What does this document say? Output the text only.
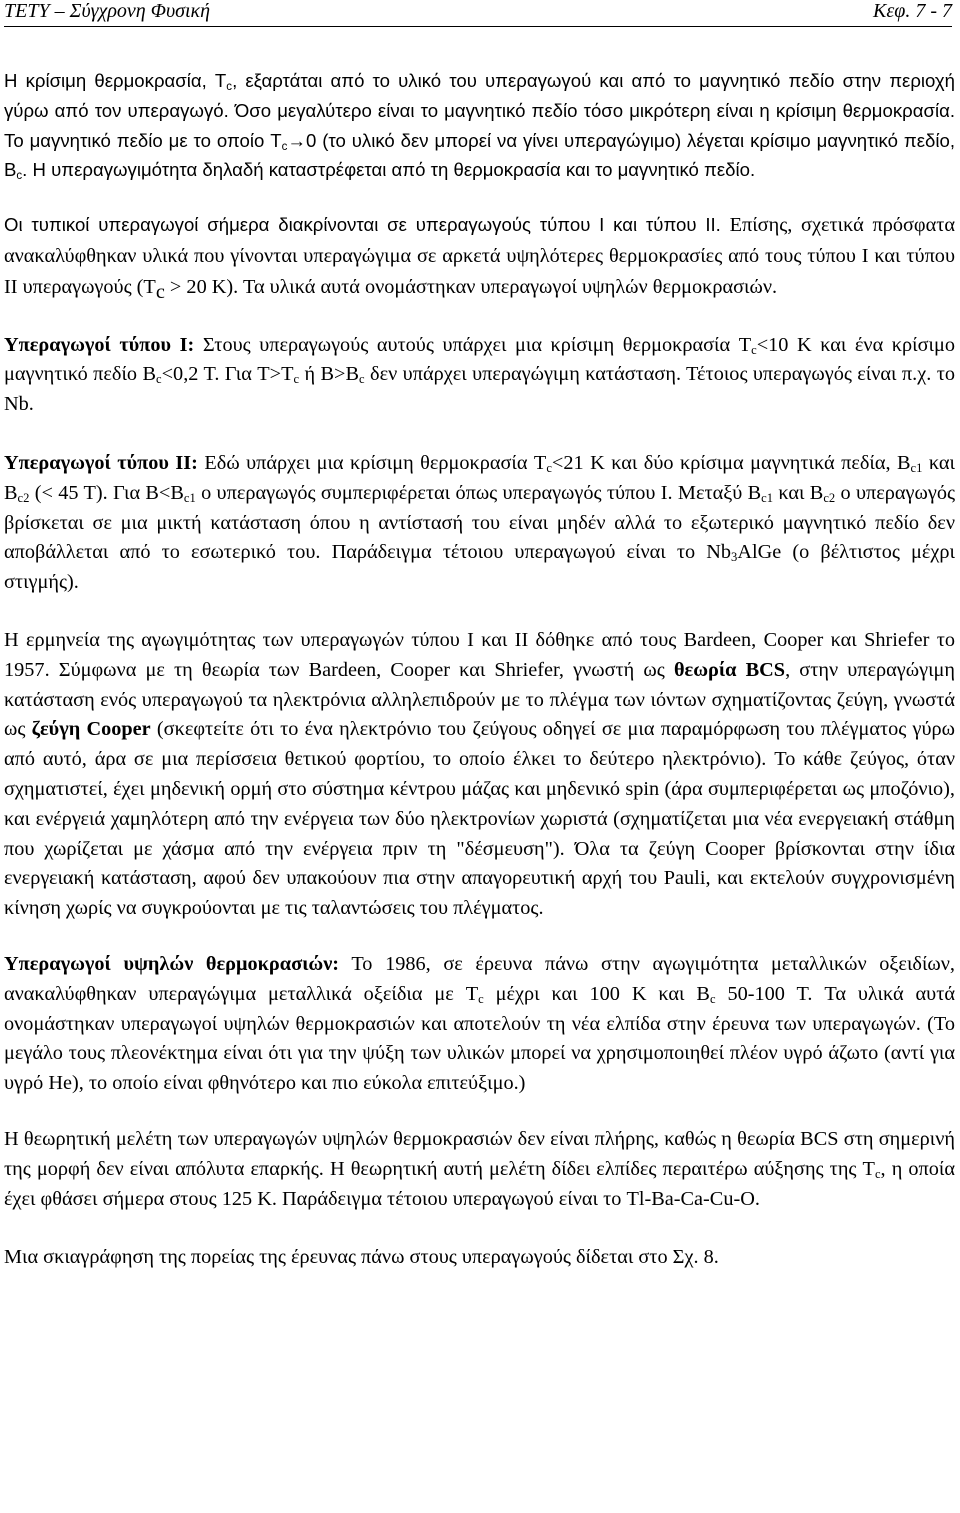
ΤΕΤΥ – Σύγχρονη Φυσική	Κεφ. 7 - 7

Η κρίσιμη θερμοκρασία, $T_c$, εξαρτάται από το υλικό του υπεραγωγού και από το μαγνητικό πεδίο στην περιοχή γύρω από τον υπεραγωγό. Όσο μεγαλύτερο είναι το μαγνητικό πεδίο τόσο μικρότερη είναι η κρίσιμη θερμοκρασία. Το μαγνητικό πεδίο με το οποίο $T_c\to 0$ (το υλικό δεν μπορεί να γίνει υπεραγώγιμο) λέγεται κρίσιμο μαγνητικό πεδίο, $B_c$. Η υπεραγωγιμότητα δηλαδή καταστρέφεται από τη θερμοκρασία και το μαγνητικό πεδίο.

Οι τυπικοί υπεραγωγοί σήμερα διακρίνονται σε υπεραγωγούς τύπου Ι και τύπου ΙΙ. Επίσης, σχετικά πρόσφατα ανακαλύφθηκαν υλικά που γίνονται υπεραγώγιμα σε αρκετά υψηλότερες θερμοκρασίες από τους τύπου Ι και τύπου ΙΙ υπεραγωγούς ($T_c > 20$ K). Τα υλικά αυτά ονομάστηκαν υπεραγωγοί υψηλών θερμοκρασιών.

Υπεραγωγοί τύπου Ι: Στους υπεραγωγούς αυτούς υπάρχει μια κρίσιμη θερμοκρασία $T_c<10$ K και ένα κρίσιμο μαγνητικό πεδίο $B_c<0,2$ T. Για $T>T_c$ ή $B>B_c$ δεν υπάρχει υπεραγώγιμη κατάσταση. Τέτοιος υπεραγωγός είναι π.χ. το Nb.

Υπεραγωγοί τύπου ΙΙ: Εδώ υπάρχει μια κρίσιμη θερμοκρασία $T_c<21$ K και δύο κρίσιμα μαγνητικά πεδία, $B_{c1}$ και $B_{c2}$ (< 45 T). Για $B<B_{c1}$ ο υπεραγωγός συμπεριφέρεται όπως υπεραγωγός τύπου Ι. Μεταξύ $B_{c1}$ και $B_{c2}$ ο υπεραγωγός βρίσκεται σε μια μικτή κατάσταση όπου η αντίστασή του είναι μηδέν αλλά το εξωτερικό μαγνητικό πεδίο δεν αποβάλλεται από το εσωτερικό του. Παράδειγμα τέτοιου υπεραγωγού είναι το $Nb_3AlGe$ (ο βέλτιστος μέχρι στιγμής).

Η ερμηνεία της αγωγιμότητας των υπεραγωγών τύπου Ι και ΙΙ δόθηκε από τους Bardeen, Cooper και Shriefer το 1957. Σύμφωνα με τη θεωρία των Bardeen, Cooper και Shriefer, γνωστή ως θεωρία BCS, στην υπεραγώγιμη κατάσταση ενός υπεραγωγού τα ηλεκτρόνια αλληλεπιδρούν με το πλέγμα των ιόντων σχηματίζοντας ζεύγη, γνωστά ως ζεύγη Cooper (σκεφτείτε ότι το ένα ηλεκτρόνιο του ζεύγους οδηγεί σε μια παραμόρφωση του πλέγματος γύρω από αυτό, άρα σε μια περίσσεια θετικού φορτίου, το οποίο έλκει το δεύτερο ηλεκτρόνιο). Το κάθε ζεύγος, όταν σχηματιστεί, έχει μηδενική ορμή στο σύστημα κέντρου μάζας και μηδενικό spin (άρα συμπεριφέρεται ως μποζόνιο), και ενέργειά χαμηλότερη από την ενέργεια των δύο ηλεκτρονίων χωριστά (σχηματίζεται μια νέα ενεργειακή στάθμη που χωρίζεται με χάσμα από την ενέργεια πριν τη "δέσμευση"). Όλα τα ζεύγη Cooper βρίσκονται στην ίδια ενεργειακή κατάσταση, αφού δεν υπακούουν πια στην απαγορευτική αρχή του Pauli, και εκτελούν συγχρονισμένη κίνηση χωρίς να συγκρούονται με τις ταλαντώσεις του πλέγματος.

Υπεραγωγοί υψηλών θερμοκρασιών: Το 1986, σε έρευνα πάνω στην αγωγιμότητα μεταλλικών οξειδίων, ανακαλύφθηκαν υπεραγώγιμα μεταλλικά οξείδια με $T_c$ μέχρι και 100 K και $B_c$ 50-100 T. Τα υλικά αυτά ονομάστηκαν υπεραγωγοί υψηλών θερμοκρασιών και αποτελούν τη νέα ελπίδα στην έρευνα των υπεραγωγών. (Το μεγάλο τους πλεονέκτημα είναι ότι για την ψύξη των υλικών μπορεί να χρησιμοποιηθεί πλέον υγρό άζωτο (αντί για υγρό He), το οποίο είναι φθηνότερο και πιο εύκολα επιτεύξιμο.)

Η θεωρητική μελέτη των υπεραγωγών υψηλών θερμοκρασιών δεν είναι πλήρης, καθώς η θεωρία BCS στη σημερινή της μορφή δεν είναι απόλυτα επαρκής. Η θεωρητική αυτή μελέτη δίδει ελπίδες περαιτέρω αύξησης της $T_c$, η οποία έχει φθάσει σήμερα στους 125 K. Παράδειγμα τέτοιου υπεραγωγού είναι το Tl-Ba-Ca-Cu-O.

Μια σκιαγράφηση της πορείας της έρευνας πάνω στους υπεραγωγούς δίδεται στο Σχ. 8.
